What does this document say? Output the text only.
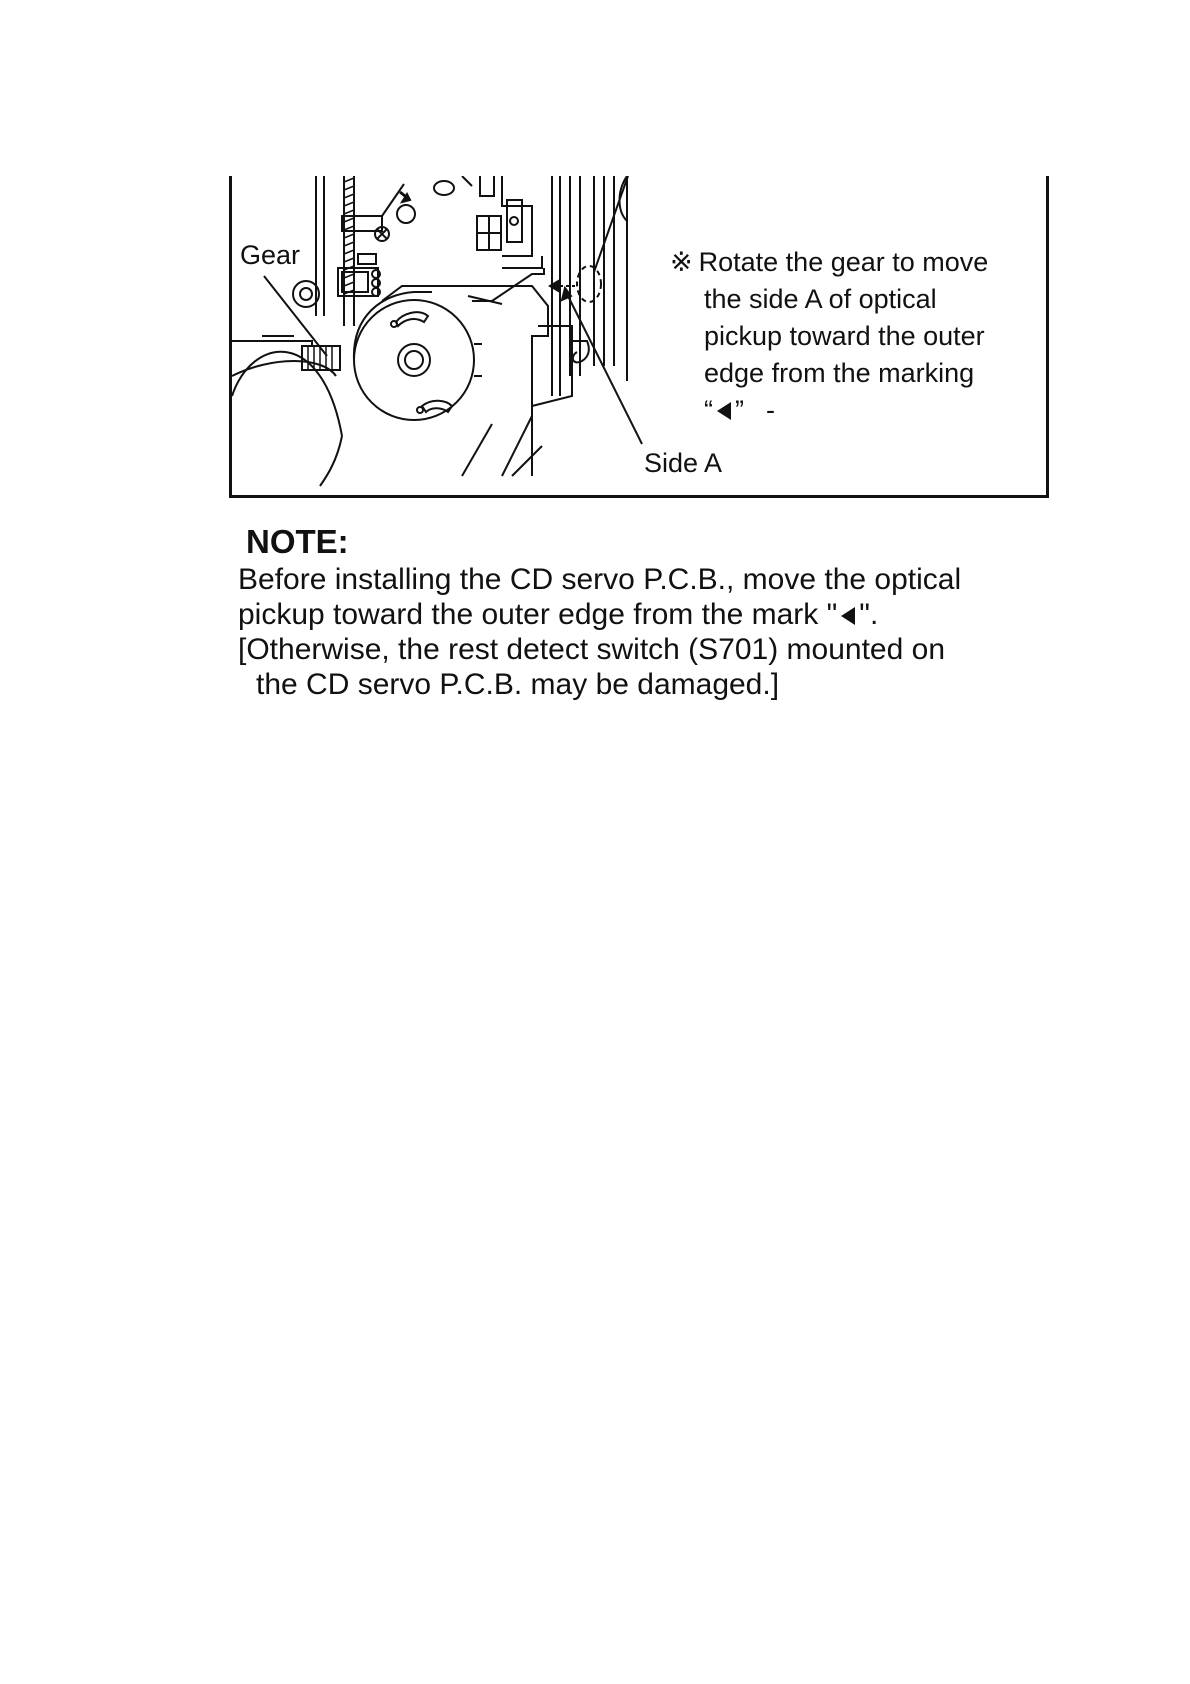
Gear
Side A
※ Rotate the gear to move
the side A of optical
pickup toward the outer
edge from the marking
“ ” -
NOTE:
Before installing the CD servo P.C.B., move the optical
pickup toward the outer edge from the mark " ".
[Otherwise, the rest detect switch (S701) mounted on
the CD servo P.C.B. may be damaged.]
